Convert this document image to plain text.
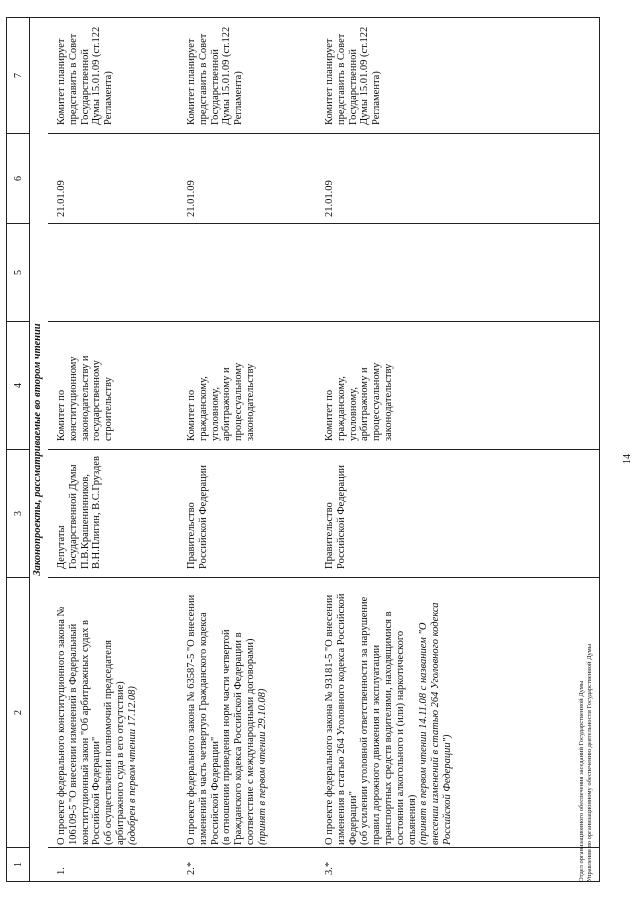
14
1	2	3	4	5	6	7
Законопроекты, рассматриваемые во втором чтении						
1.	О проекте федерального конституционного закона № 106109-5 "О внесении изменений в Федеральный конституционный закон "Об арбитражных судах в Российской Федерации" (об осуществлении полномочий председателя арбитражного суда в его отсутствие) (одобрен в первом чтении 17.12.08)	Депутаты Государственной Думы П.В.Крашенинников, В.Н.Плигин, В.С.Груздев	Комитет по конституционному законодательству и государственному строительству		21.01.09	Комитет планирует представить в Совет Государственной Думы 15.01.09 (ст.122 Регламента)
2.*	О проекте федерального закона № 63587-5 "О внесении изменений в часть четвертую Гражданского кодекса Российской Федерации" (в отношении приведения норм части четвертой Гражданского кодекса Российской Федерации в соответствие с международными договорами) (принят в первом чтении 29.10.08)	Правительство Российской Федерации	Комитет по гражданскому, уголовному, арбитражному и процессуальному законодательству		21.01.09	Комитет планирует представить в Совет Государственной Думы 15.01.09 (ст.122 Регламента)
3.*	О проекте федерального закона № 93181-5 "О внесении изменения в статью 264 Уголовного кодекса Российской Федерации" (об усилении уголовной ответственности за нарушение правил дорожного движения и эксплуатации транспортных средств водителями, находящимися в состоянии алкогольного и (или) наркотического опьянения) (принят в первом чтении 14.11.08 с названием "О внесении изменений в статью 264 Уголовного кодекса Российской Федерации")	Правительство Российской Федерации	Комитет по гражданскому, уголовному, арбитражному и процессуальному законодательству		21.01.09	Комитет планирует представить в Совет Государственной Думы 15.01.09 (ст.122 Регламента)
Отдел организационного обеспечения заседаний Государственной Думы Управления по организационному обеспечению деятельности Государственной Думы
